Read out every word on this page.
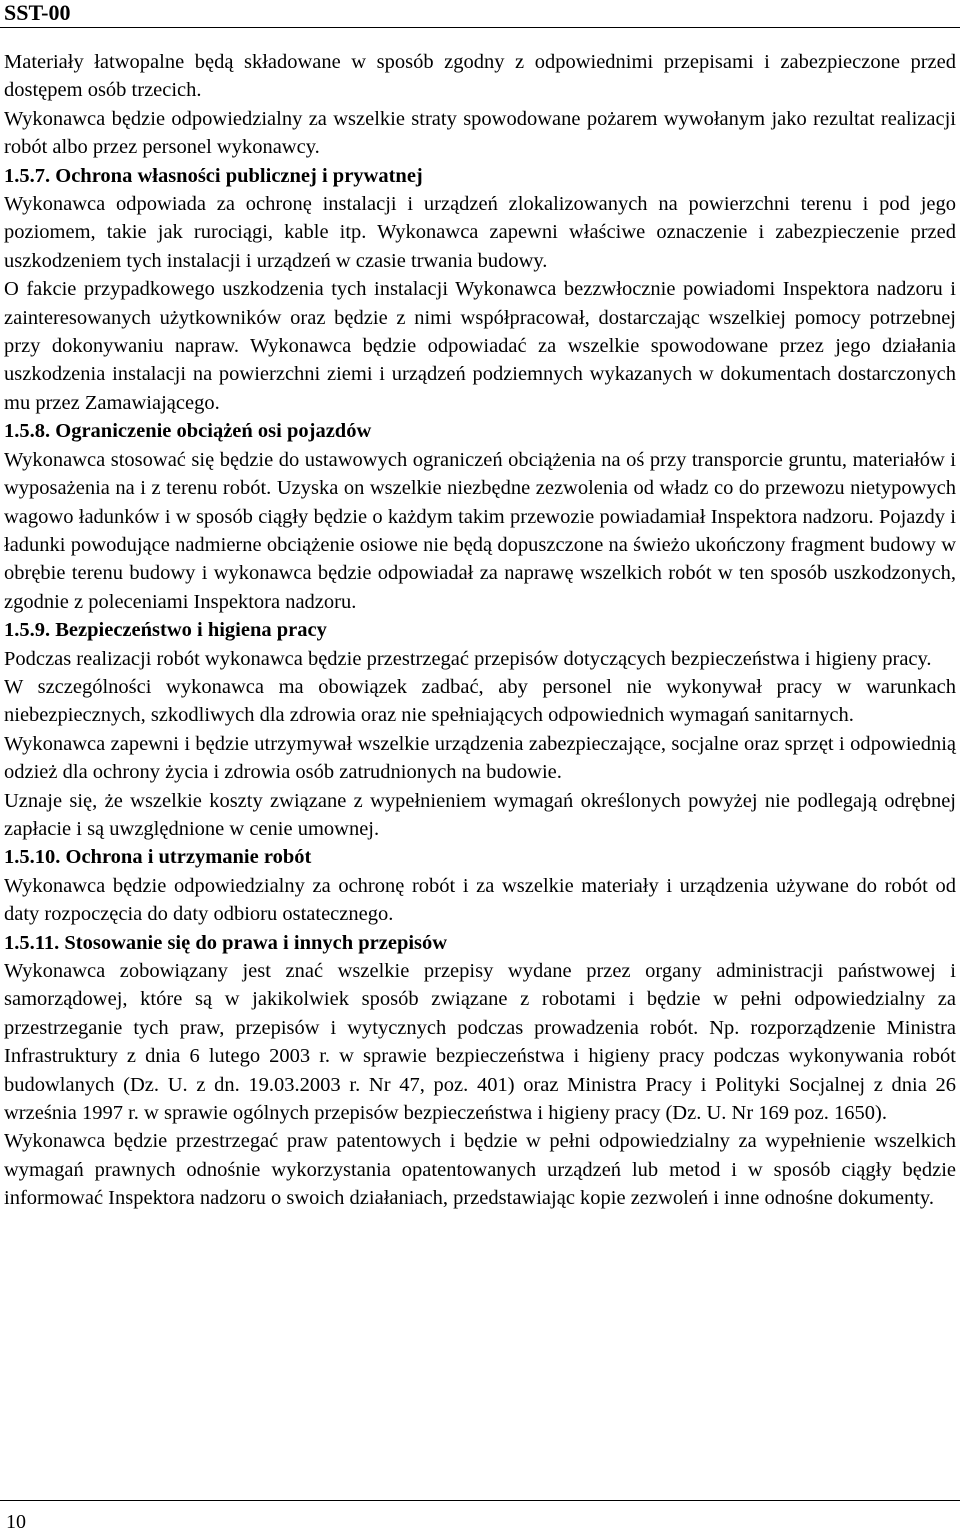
SST-00

Materiały łatwopalne będą składowane w sposób zgodny z odpowiednimi przepisami i zabezpieczone przed dostępem osób trzecich.

Wykonawca będzie odpowiedzialny za wszelkie straty spowodowane pożarem wywołanym jako rezultat realizacji robót albo przez personel wykonawcy.

1.5.7. Ochrona własności publicznej i prywatnej

Wykonawca odpowiada za ochronę instalacji i urządzeń zlokalizowanych na powierzchni terenu i pod jego poziomem, takie jak rurociągi, kable itp. Wykonawca zapewni właściwe oznaczenie i zabezpieczenie przed uszkodzeniem tych instalacji i urządzeń w czasie trwania budowy.

O fakcie przypadkowego uszkodzenia tych instalacji Wykonawca bezzwłocznie powiadomi Inspektora nadzoru i zainteresowanych użytkowników oraz będzie z nimi współpracował, dostarczając wszelkiej pomocy potrzebnej przy dokonywaniu napraw. Wykonawca będzie odpowiadać za wszelkie spowodowane przez jego działania uszkodzenia instalacji na powierzchni ziemi i urządzeń podziemnych wykazanych w dokumentach dostarczonych mu przez Zamawiającego.

1.5.8. Ograniczenie obciążeń osi pojazdów

Wykonawca stosować się będzie do ustawowych ograniczeń obciążenia na oś przy transporcie gruntu, materiałów i wyposażenia na i z terenu robót. Uzyska on wszelkie niezbędne zezwolenia od władz co do przewozu nietypowych wagowo ładunków i w sposób ciągły będzie o każdym takim przewozie powiadamiał Inspektora nadzoru. Pojazdy i ładunki powodujące nadmierne obciążenie osiowe nie będą dopuszczone na świeżo ukończony fragment budowy w obrębie terenu budowy i wykonawca będzie odpowiadał za naprawę wszelkich robót w ten sposób uszkodzonych, zgodnie z poleceniami Inspektora nadzoru.

1.5.9. Bezpieczeństwo i higiena pracy

Podczas realizacji robót wykonawca będzie przestrzegać przepisów dotyczących bezpieczeństwa i higieny pracy.

W szczególności wykonawca ma obowiązek zadbać, aby personel nie wykonywał pracy w warunkach niebezpiecznych, szkodliwych dla zdrowia oraz nie spełniających odpowiednich wymagań sanitarnych.

Wykonawca zapewni i będzie utrzymywał wszelkie urządzenia zabezpieczające, socjalne oraz sprzęt i odpowiednią odzież dla ochrony życia i zdrowia osób zatrudnionych na budowie.

Uznaje się, że wszelkie koszty związane z wypełnieniem wymagań określonych powyżej nie podlegają odrębnej zapłacie i są uwzględnione w cenie umownej.

1.5.10. Ochrona i utrzymanie robót

Wykonawca będzie odpowiedzialny za ochronę robót i za wszelkie materiały i urządzenia używane do robót od daty rozpoczęcia do daty odbioru ostatecznego.

1.5.11. Stosowanie się do prawa i innych przepisów

Wykonawca zobowiązany jest znać wszelkie przepisy wydane przez organy administracji państwowej i samorządowej, które są w jakikolwiek sposób związane z robotami i będzie w pełni odpowiedzialny za przestrzeganie tych praw, przepisów i wytycznych podczas prowadzenia robót. Np. rozporządzenie Ministra Infrastruktury z dnia 6 lutego 2003 r. w sprawie bezpieczeństwa i higieny pracy podczas wykonywania robót budowlanych (Dz. U. z dn. 19.03.2003 r. Nr 47, poz. 401) oraz Ministra Pracy i Polityki Socjalnej z dnia 26 września 1997 r. w sprawie ogólnych przepisów bezpieczeństwa i higieny pracy (Dz. U. Nr 169 poz. 1650).

Wykonawca będzie przestrzegać praw patentowych i będzie w pełni odpowiedzialny za wypełnienie wszelkich wymagań prawnych odnośnie wykorzystania opatentowanych urządzeń lub metod i w sposób ciągły będzie informować Inspektora nadzoru o swoich działaniach, przedstawiając kopie zezwoleń i inne odnośne dokumenty.

10
